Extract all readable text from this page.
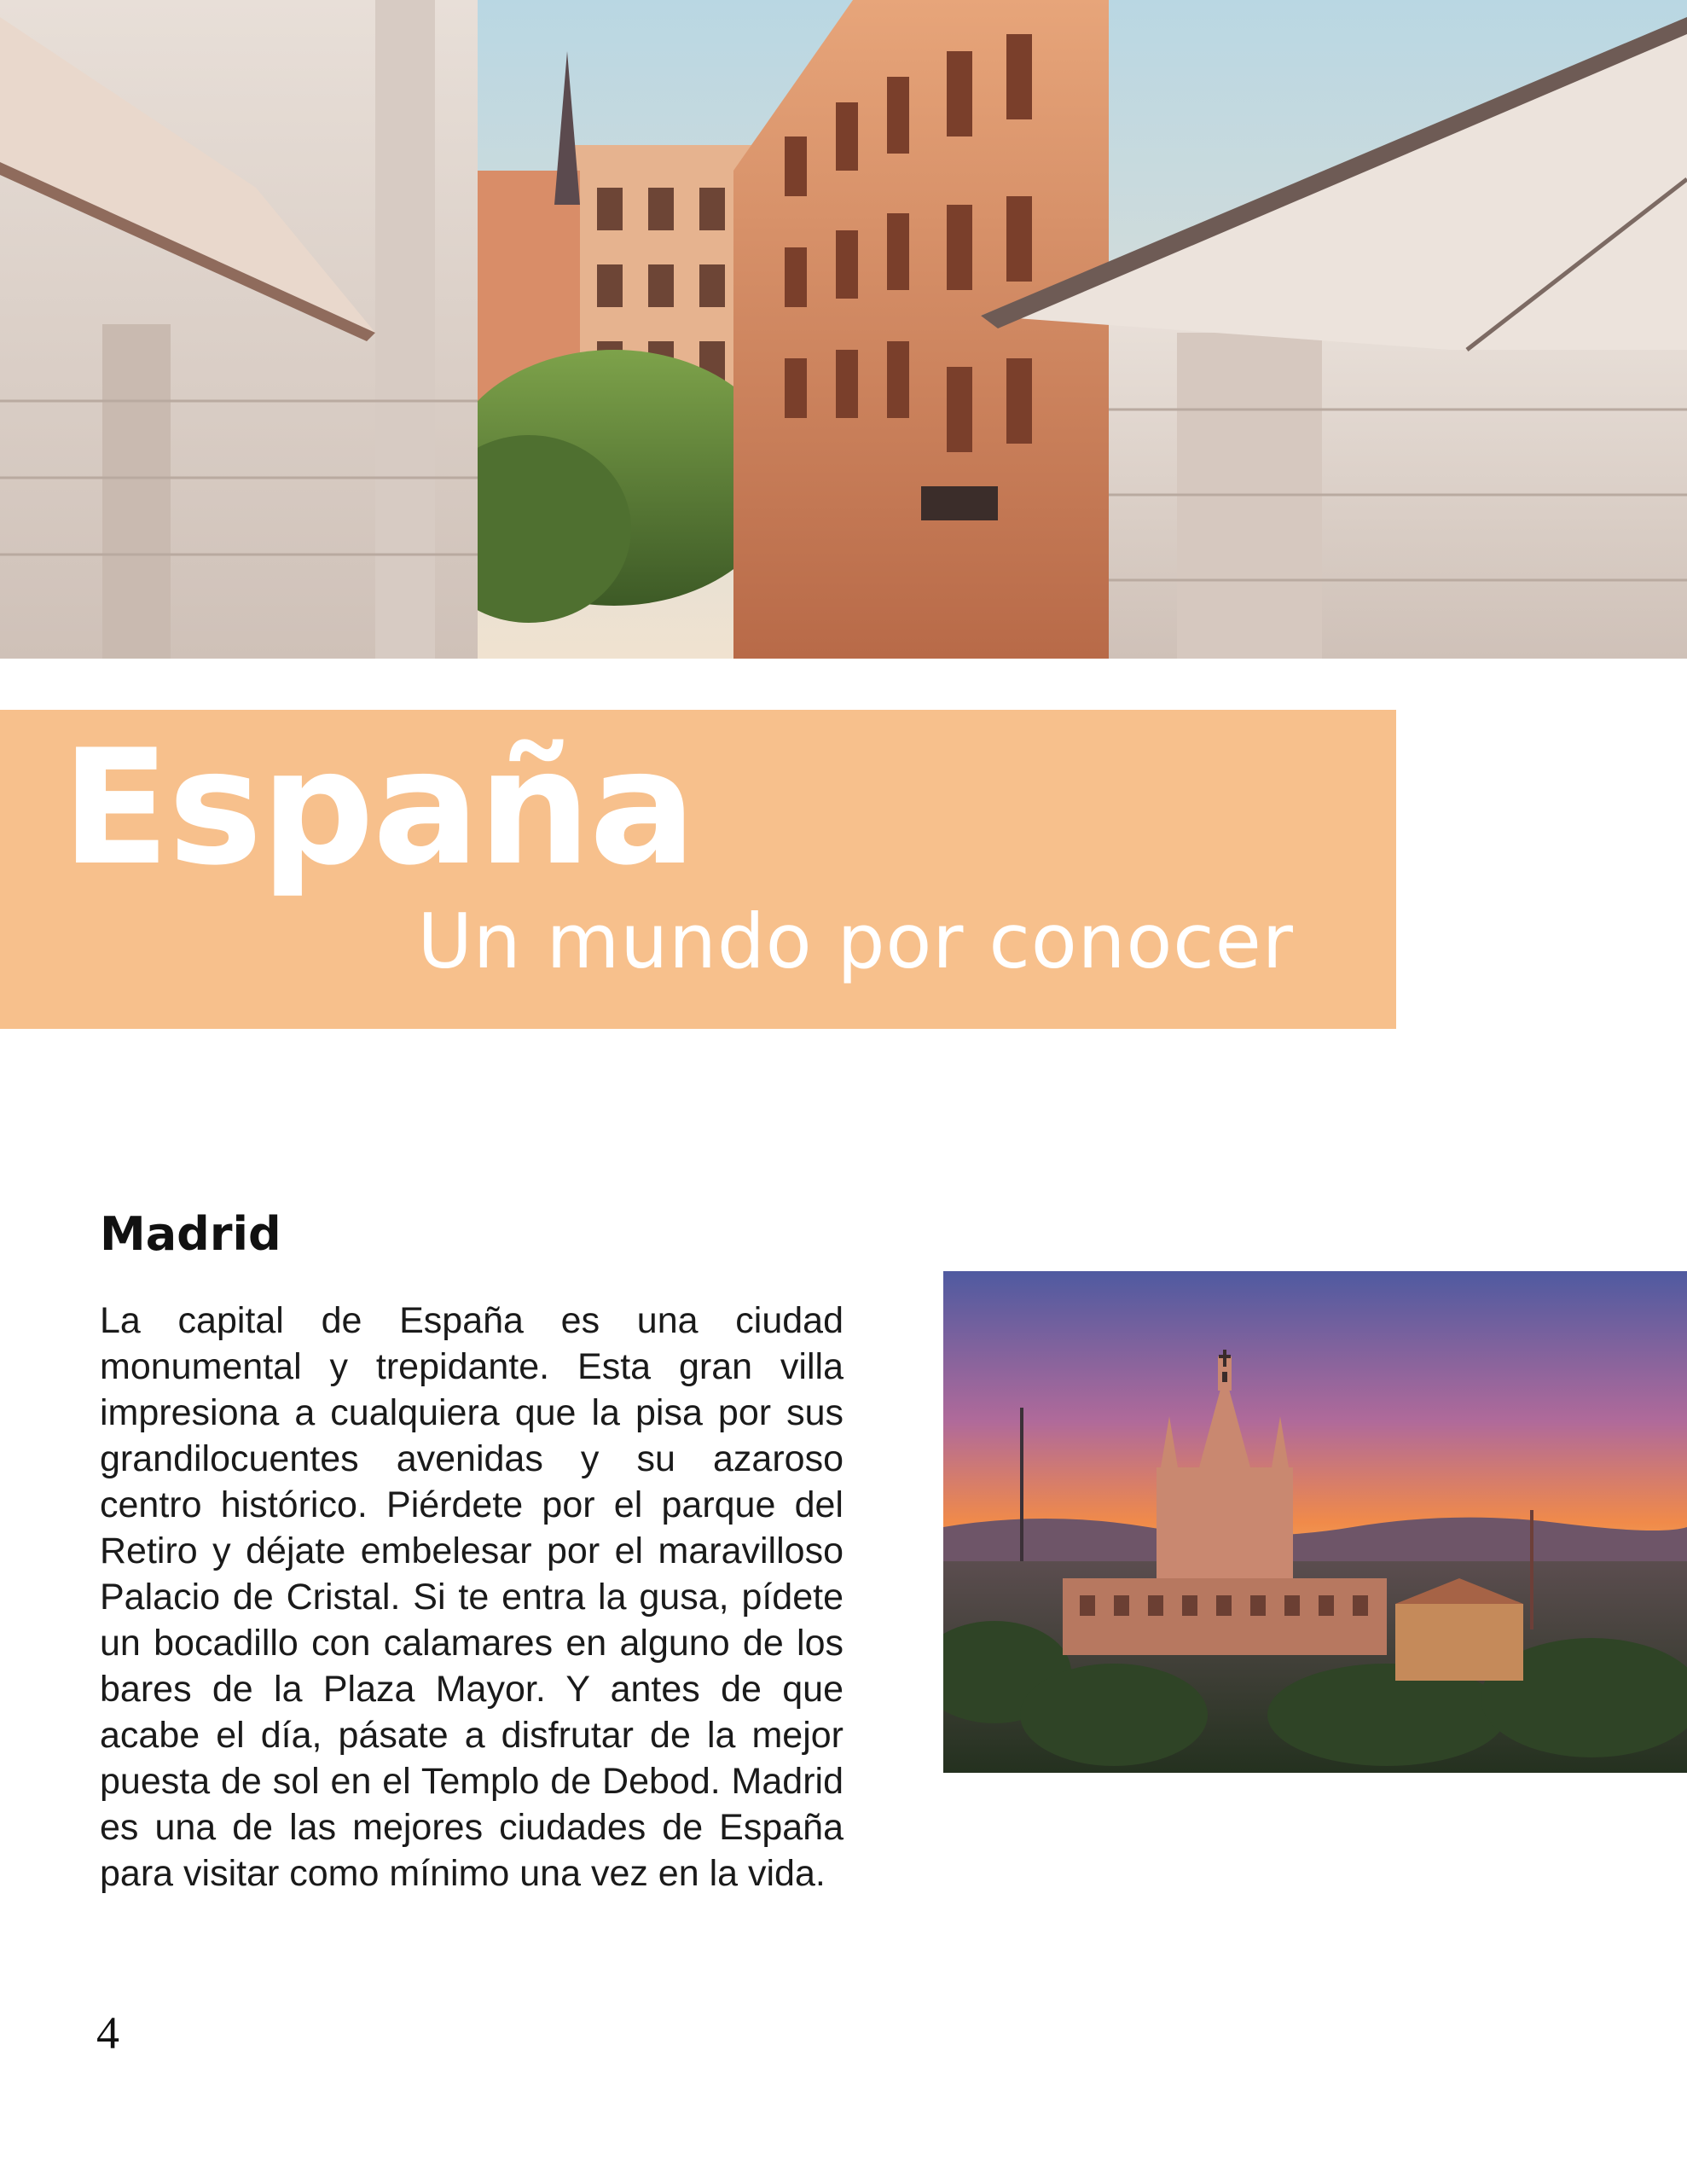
España
Un mundo por conocer
Madrid

La capital de España es una ciudad monumental y trepidante. Esta gran villa impresiona a cualquiera que la pisa por sus grandilocuentes avenidas y su azaroso centro histórico. Piérdete por el parque del Retiro y déjate embelesar por el maravilloso Palacio de Cristal. Si te entra la gusa, pídete un bocadillo con calamares en alguno de los bares de la Plaza Mayor. Y antes de que acabe el día, pásate a disfrutar de la mejor puesta de sol en el Templo de Debod. Madrid es una de las mejores ciudades de España para visitar como mínimo una vez en la vida.

4
